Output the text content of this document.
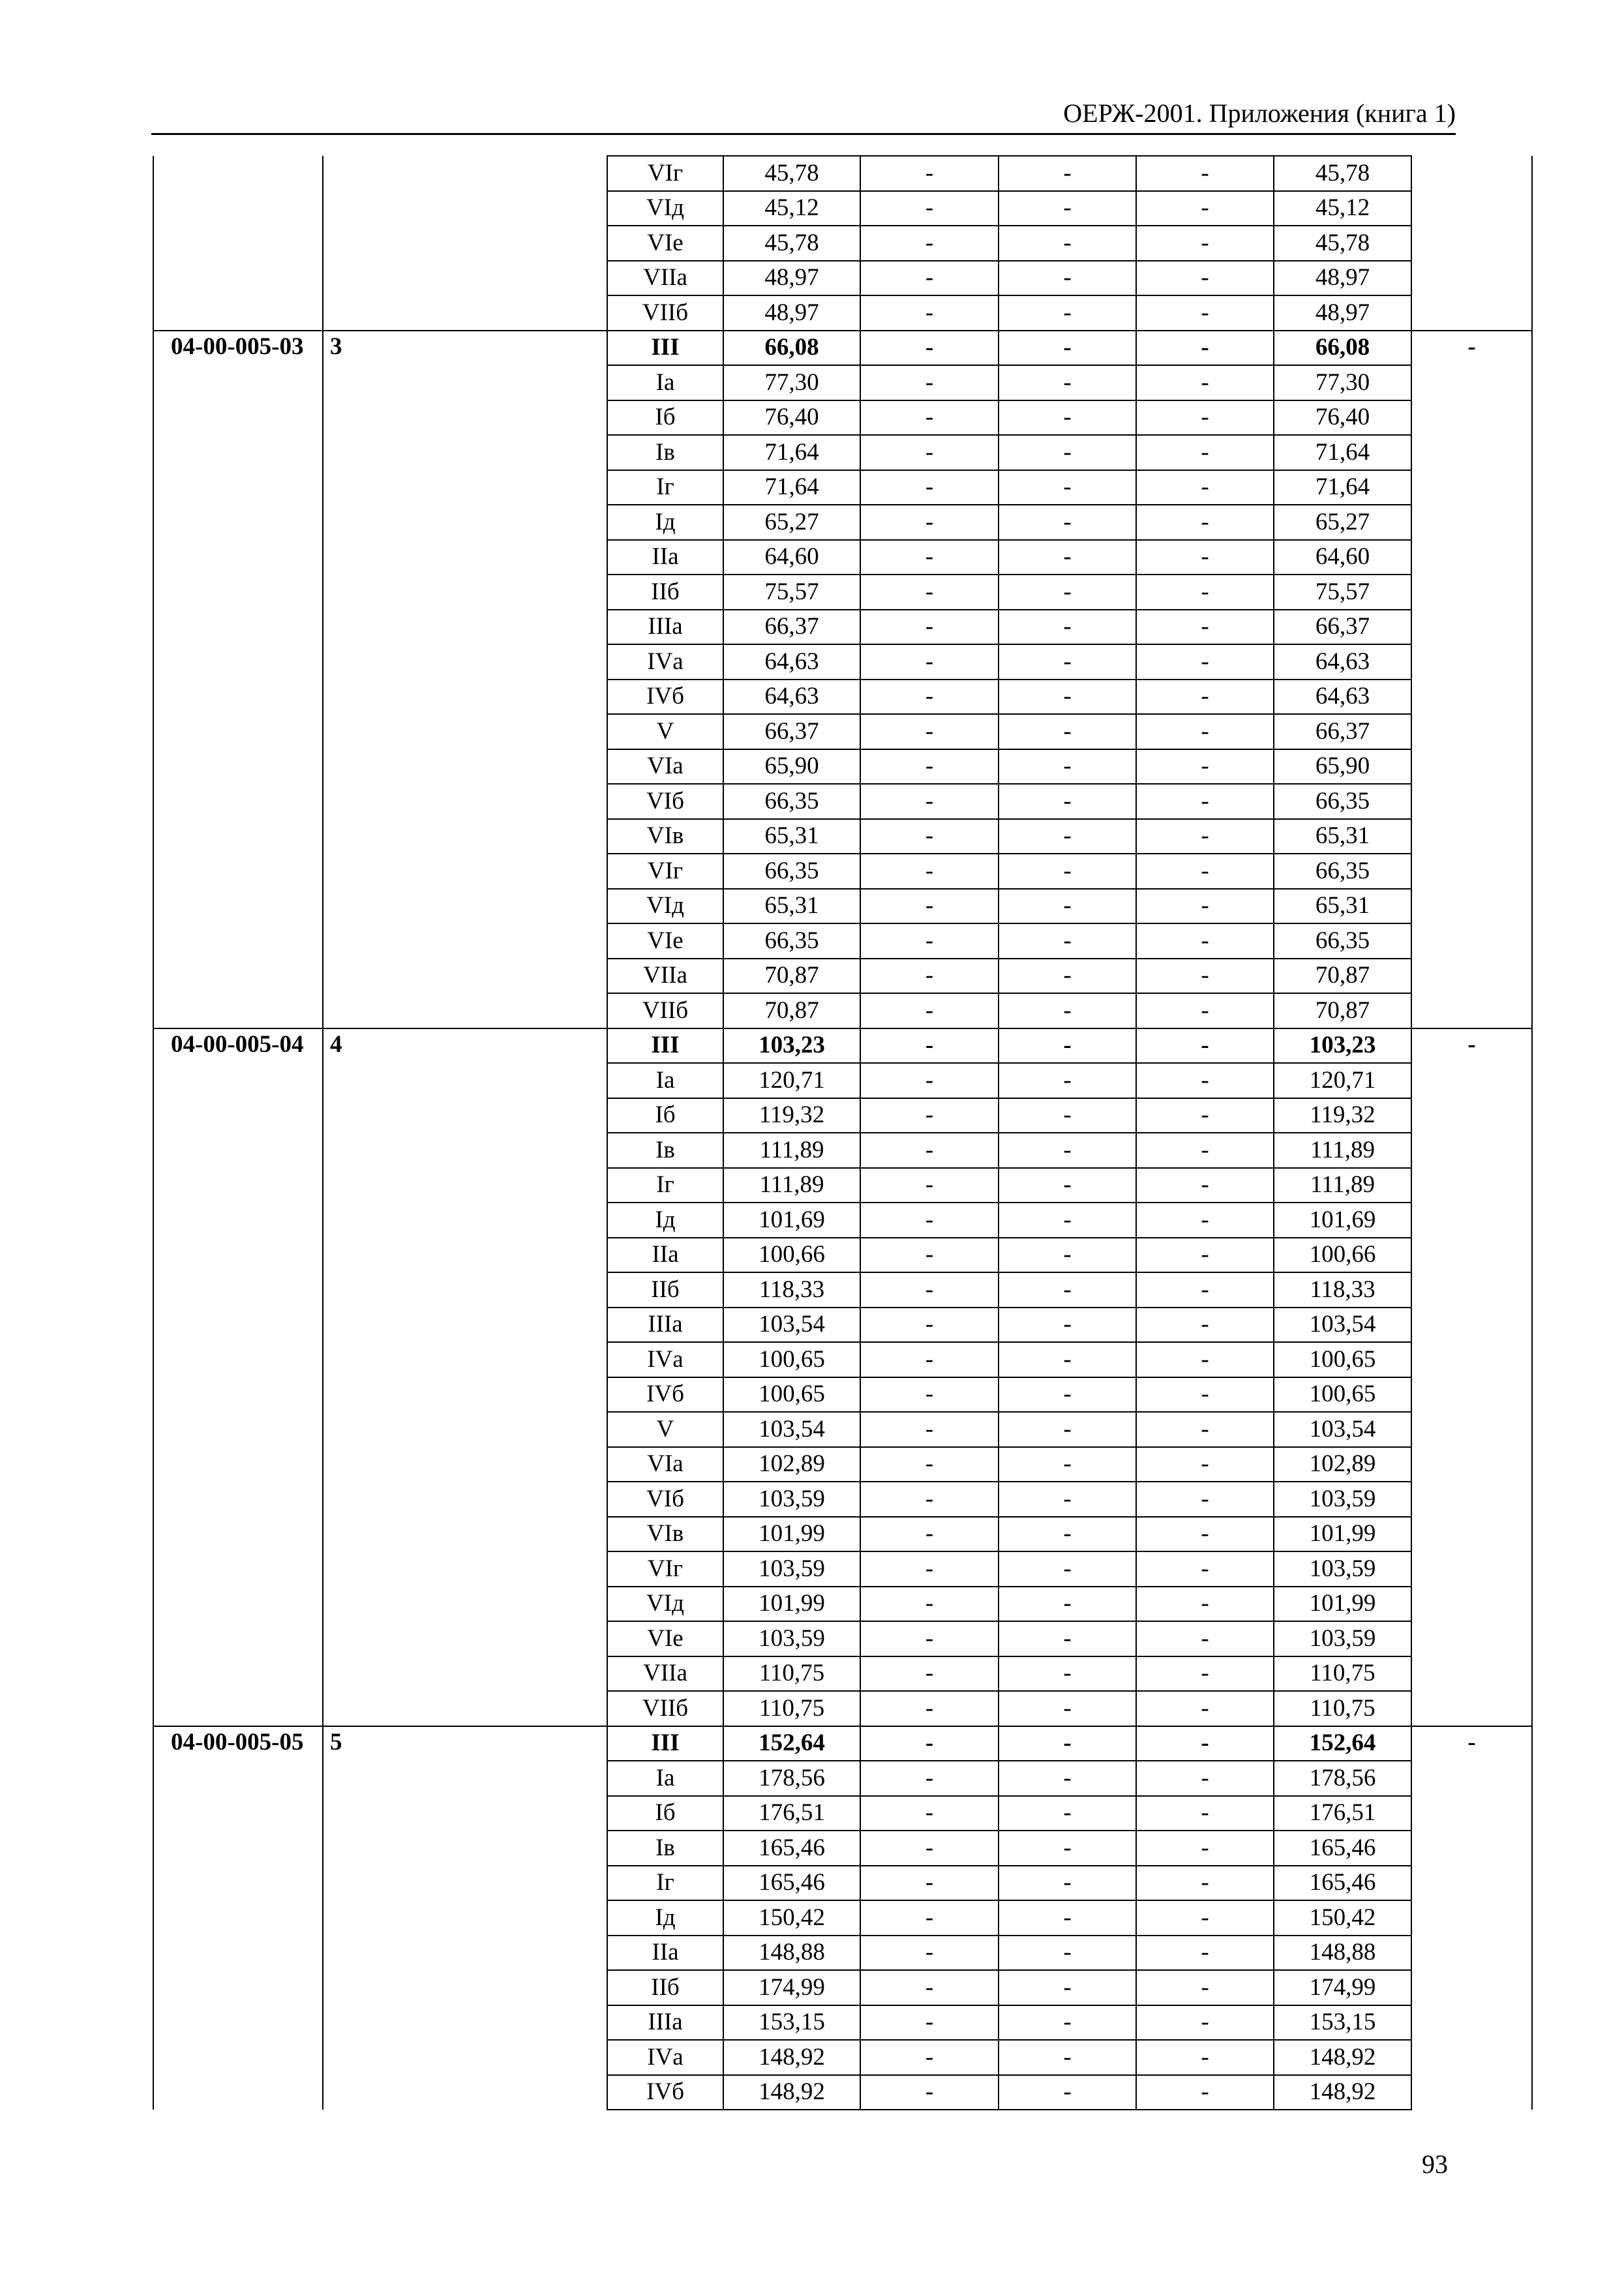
ОЕРЖ-2001. Приложения (книга 1)
		VIг	45,78	-	-	-	45,78	
		VIд	45,12	-	-	-	45,12	
		VIе	45,78	-	-	-	45,78	
		VIIа	48,97	-	-	-	48,97	
		VIIб	48,97	-	-	-	48,97	
04-00-005-03	3	III	66,08	-	-	-	66,08	-
		Iа	77,30	-	-	-	77,30	
		Iб	76,40	-	-	-	76,40	
		Iв	71,64	-	-	-	71,64	
		Iг	71,64	-	-	-	71,64	
		Iд	65,27	-	-	-	65,27	
		IIа	64,60	-	-	-	64,60	
		IIб	75,57	-	-	-	75,57	
		IIIа	66,37	-	-	-	66,37	
		IVа	64,63	-	-	-	64,63	
		IVб	64,63	-	-	-	64,63	
		V	66,37	-	-	-	66,37	
		VIа	65,90	-	-	-	65,90	
		VIб	66,35	-	-	-	66,35	
		VIв	65,31	-	-	-	65,31	
		VIг	66,35	-	-	-	66,35	
		VIд	65,31	-	-	-	65,31	
		VIе	66,35	-	-	-	66,35	
		VIIа	70,87	-	-	-	70,87	
		VIIб	70,87	-	-	-	70,87	
04-00-005-04	4	III	103,23	-	-	-	103,23	-
		Iа	120,71	-	-	-	120,71	
		Iб	119,32	-	-	-	119,32	
		Iв	111,89	-	-	-	111,89	
		Iг	111,89	-	-	-	111,89	
		Iд	101,69	-	-	-	101,69	
		IIа	100,66	-	-	-	100,66	
		IIб	118,33	-	-	-	118,33	
		IIIа	103,54	-	-	-	103,54	
		IVа	100,65	-	-	-	100,65	
		IVб	100,65	-	-	-	100,65	
		V	103,54	-	-	-	103,54	
		VIа	102,89	-	-	-	102,89	
		VIб	103,59	-	-	-	103,59	
		VIв	101,99	-	-	-	101,99	
		VIг	103,59	-	-	-	103,59	
		VIд	101,99	-	-	-	101,99	
		VIе	103,59	-	-	-	103,59	
		VIIа	110,75	-	-	-	110,75	
		VIIб	110,75	-	-	-	110,75	
04-00-005-05	5	III	152,64	-	-	-	152,64	-
		Iа	178,56	-	-	-	178,56	
		Iб	176,51	-	-	-	176,51	
		Iв	165,46	-	-	-	165,46	
		Iг	165,46	-	-	-	165,46	
		Iд	150,42	-	-	-	150,42	
		IIа	148,88	-	-	-	148,88	
		IIб	174,99	-	-	-	174,99	
		IIIа	153,15	-	-	-	153,15	
		IVа	148,92	-	-	-	148,92	
		IVб	148,92	-	-	-	148,92	
93
